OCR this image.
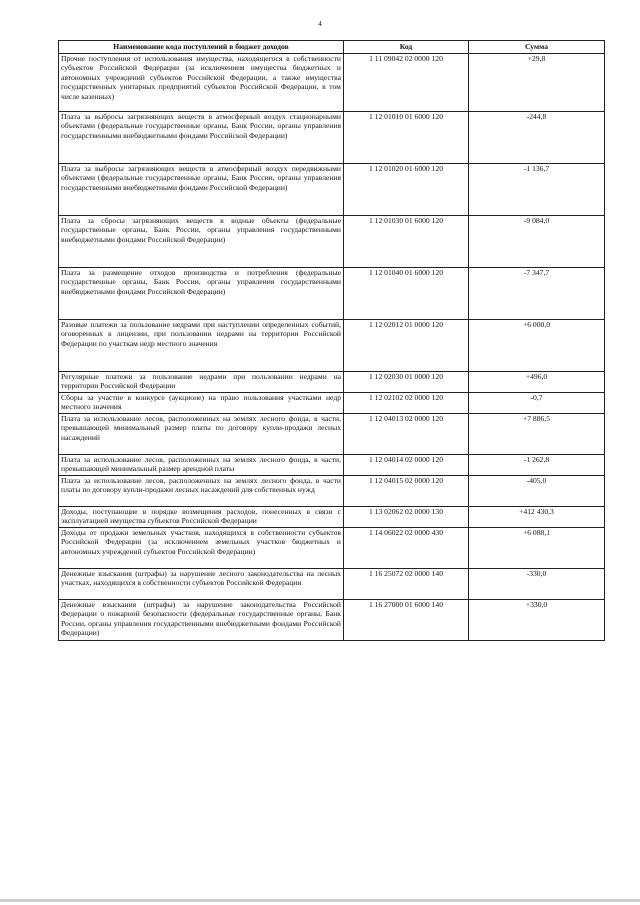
4
Наименование кода поступлений в бюджет доходов	Код	Сумма
Прочие поступления от использования имущества, находящегося в собственности субъектов Российской Федерации (за исключением имущества бюджетных и автономных учреждений субъектов Российской Федерации, а также имущества государственных унитарных предприятий субъектов Российской Федерации, в том числе казенных)	1 11 09042 02 0000 120	+29,8
Плата за выбросы загрязняющих веществ в атмосферный воздух стационарными объектами (федеральные государственные органы, Банк России, органы управления государственными внебюджетными фондами Российской Федерации)	1 12 01010 01 6000 120	-244,8
Плата за выбросы загрязняющих веществ в атмосферный воздух передвижными объектами (федеральные государственные органы, Банк России, органы управления государственными внебюджетными фондами Российской Федерации)	1 12 01020 01 6000 120	-1 136,7
Плата за сбросы загрязняющих веществ в водные объекты (федеральные государственные органы, Банк России, органы управления государственными внебюджетными фондами Российской Федерации)	1 12 01030 01 6000 120	-9 084,0
Плата за размещение отходов производства и потребления (федеральные государственные органы, Банк России, органы управления государственными внебюджетными фондами Российской Федерации)	1 12 01040 01 6000 120	-7 347,7
Разовые платежи за пользование недрами при наступлении определенных событий, оговоренных в лицензии, при пользовании недрами на территории Российской Федерации по участкам недр местного значения	1 12 02012 01 0000 120	+6 000,0
Регулярные платежи за пользование недрами при пользовании недрами на территории Российской Федерации	1 12 02030 01 0000 120	+496,0
Сборы за участие в конкурсе (аукционе) на право пользования участками недр местного значения	1 12 02102 02 0000 120	-0,7
Плата за использование лесов, расположенных на землях лесного фонда, в части, превышающей минимальный размер платы по договору купли-продажи лесных насаждений	1 12 04013 02 0000 120	+7 886,5
Плата за использование лесов, расположенных на землях лесного фонда, в части, превышающей минимальный размер арендной платы	1 12 04014 02 0000 120	-1 262,8
Плата за использование лесов, расположенных на землях лесного фонда, в части платы по договору купли-продажи лесных насаждений для собственных нужд	1 12 04015 02 0000 120	-405,0
Доходы, поступающие в порядке возмещения расходов, понесенных в связи с эксплуатацией имущества субъектов Российской Федерации	1 13 02062 02 0000 130	+412 430,3
Доходы от продажи земельных участков, находящихся в собственности субъектов Российской Федерации (за исключением земельных участков бюджетных и автономных учреждений субъектов Российской Федерации)	1 14 06022 02 0000 430	+6 088,1
Денежные взыскания (штрафы) за нарушение лесного законодательства на лесных участках, находящихся в собственности субъектов Российской Федерации	1 16 25072 02 0000 140	-330,0
Денежные взыскания (штрафы) за нарушение законодательства Российской Федерации о пожарной безопасности (федеральные государственные органы, Банк России, органы управления государственными внебюджетными фондами Российской Федерации)	1 16 27000 01 6000 140	+330,0
